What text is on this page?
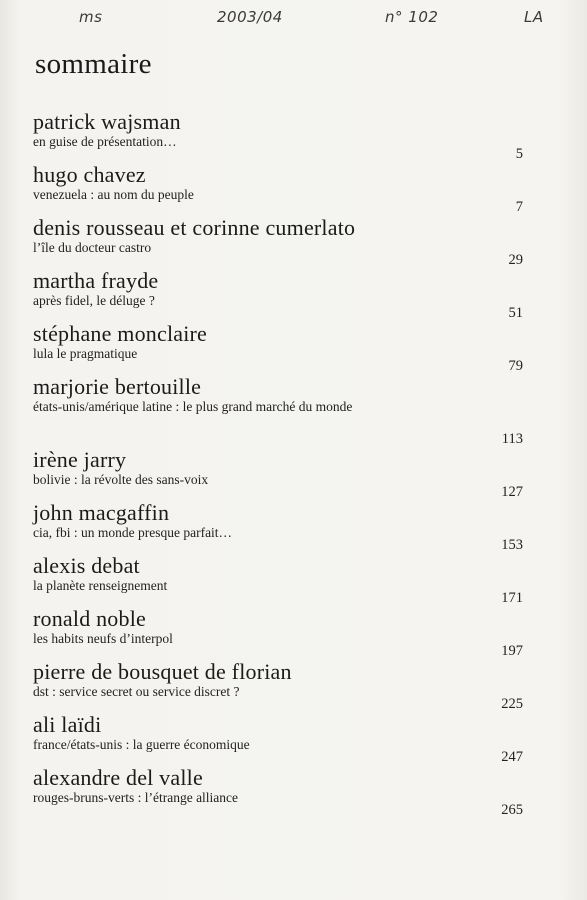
ms	2003/04	n° 102	LA
sommaire
patrick wajsman
en guise de présentation…
5
hugo chavez
venezuela : au nom du peuple
7
denis rousseau et corinne cumerlato
l’île du docteur castro
29
martha frayde
après fidel, le déluge ?
51
stéphane monclaire
lula le pragmatique
79
marjorie bertouille
états-unis/amérique latine : le plus grand marché du monde
113
irène jarry
bolivie : la révolte des sans-voix
127
john macgaffin
cia, fbi : un monde presque parfait…
153
alexis debat
la planète renseignement
171
ronald noble
les habits neufs d’interpol
197
pierre de bousquet de florian
dst : service secret ou service discret ?
225
ali laïdi
france/états-unis : la guerre économique
247
alexandre del valle
rouges-bruns-verts : l’étrange alliance
265
